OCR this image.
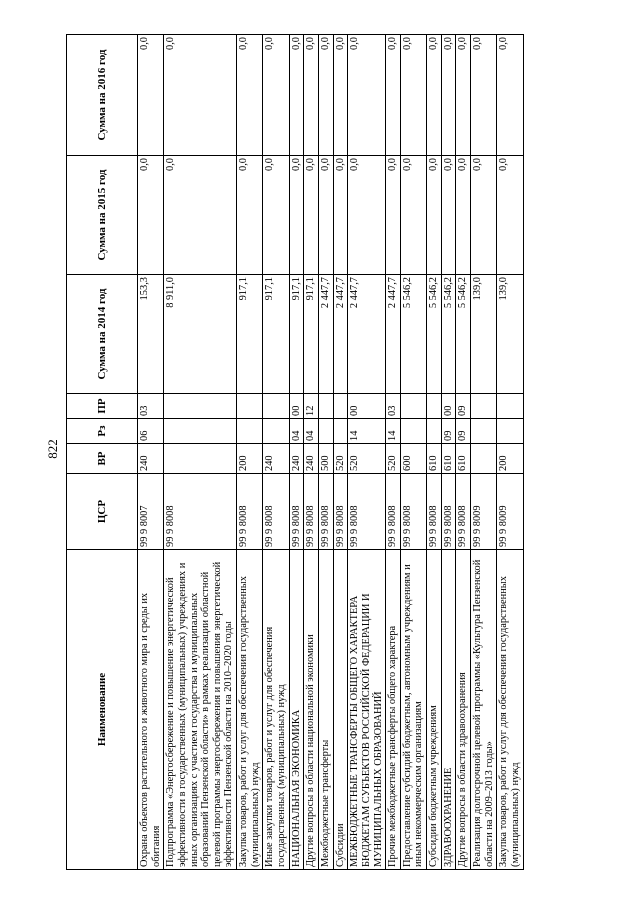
822
Наименование	ЦСР	ВР	Рз	ПР	Сумма на 2014 год	Сумма на 2015 год	Сумма на 2016 год
Охрана объектов растительного и животного мира и среды их обитания	99 9 8007	240	06	03	153,3	0,0	0,0
Подпрограмма «Энергосбережение и повышение энергетической эффективности в государственных (муниципальных) учреждениях и иных организациях с участием государства и муниципальных образований Пензенской области» в рамках реализации областной целевой программы энергосбережения и повышения энергетической эффективности Пензенской области на 2010–2020 годы	99 9 8008				8 911,0	0,0	0,0
Закупка товаров, работ и услуг для обеспечения государственных (муниципальных) нужд	99 9 8008	200			917,1	0,0	0,0
Иные закупки товаров, работ и услуг для обеспечения государственных (муниципальных) нужд	99 9 8008	240			917,1	0,0	0,0
НАЦИОНАЛЬНАЯ ЭКОНОМИКА	99 9 8008	240	04	00	917,1	0,0	0,0
Другие вопросы в области национальной экономики	99 9 8008	240	04	12	917,1	0,0	0,0
Межбюджетные трансферты	99 9 8008	500			2 447,7	0,0	0,0
Субсидии	99 9 8008	520			2 447,7	0,0	0,0
МЕЖБЮДЖЕТНЫЕ ТРАНСФЕРТЫ ОБЩЕГО ХАРАКТЕРА БЮДЖЕТАМ СУБЪЕКТОВ РОССИЙСКОЙ ФЕДЕРАЦИИ И МУНИЦИПАЛЬНЫХ ОБРАЗОВАНИЙ	99 9 8008	520	14	00	2 447,7	0,0	0,0
Прочие межбюджетные трансферты общего характера	99 9 8008	520	14	03	2 447,7	0,0	0,0
Предоставление субсидий бюджетным, автономным учреждениям и иным некоммерческим организациям	99 9 8008	600			5 546,2	0,0	0,0
Субсидии бюджетным учреждениям	99 9 8008	610			5 546,2	0,0	0,0
ЗДРАВООХРАНЕНИЕ	99 9 8008	610	09	00	5 546,2	0,0	0,0
Другие вопросы в области здравоохранения	99 9 8008	610	09	09	5 546,2	0,0	0,0
Реализация долгосрочной целевой программы «Культура Пензенской области на 2009–2013 годы»	99 9 8009				139,0	0,0	0,0
Закупка товаров, работ и услуг для обеспечения государственных (муниципальных) нужд	99 9 8009	200			139,0	0,0	0,0
